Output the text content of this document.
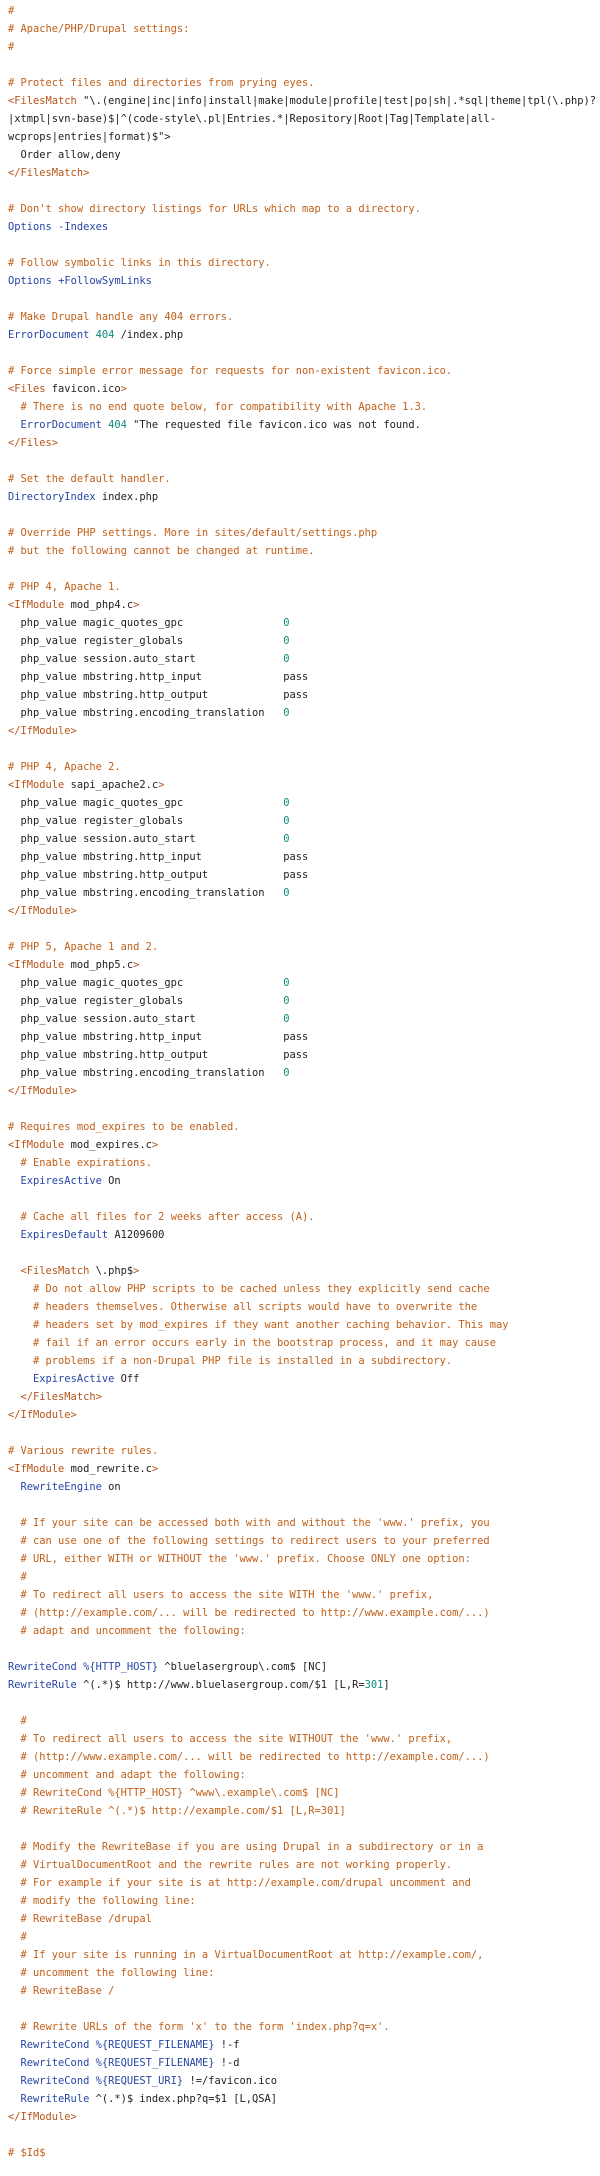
#
# Apache/PHP/Drupal settings:
#

# Protect files and directories from prying eyes.
<FilesMatch "\.(engine|inc|info|install|make|module|profile|test|po|sh|.*sql|theme|tpl(\.php)?
|xtmpl|svn-base)$|^(code-style\.pl|Entries.*|Repository|Root|Tag|Template|all-
wcprops|entries|format)$">
Order allow,deny
</FilesMatch>

# Don't show directory listings for URLs which map to a directory.
Options -Indexes

# Follow symbolic links in this directory.
Options +FollowSymLinks

# Make Drupal handle any 404 errors.
ErrorDocument 404 /index.php

# Force simple error message for requests for non-existent favicon.ico.
<Files favicon.ico>
# There is no end quote below, for compatibility with Apache 1.3.
ErrorDocument 404 "The requested file favicon.ico was not found.
</Files>

# Set the default handler.
DirectoryIndex index.php

# Override PHP settings. More in sites/default/settings.php
# but the following cannot be changed at runtime.

# PHP 4, Apache 1.
<IfModule mod_php4.c>
php_value magic_quotes_gpc                0
php_value register_globals                0
php_value session.auto_start              0
php_value mbstring.http_input             pass
php_value mbstring.http_output            pass
php_value mbstring.encoding_translation   0
</IfModule>

# PHP 4, Apache 2.
<IfModule sapi_apache2.c>
php_value magic_quotes_gpc                0
php_value register_globals                0
php_value session.auto_start              0
php_value mbstring.http_input             pass
php_value mbstring.http_output            pass
php_value mbstring.encoding_translation   0
</IfModule>

# PHP 5, Apache 1 and 2.
<IfModule mod_php5.c>
php_value magic_quotes_gpc                0
php_value register_globals                0
php_value session.auto_start              0
php_value mbstring.http_input             pass
php_value mbstring.http_output            pass
php_value mbstring.encoding_translation   0
</IfModule>

# Requires mod_expires to be enabled.
<IfModule mod_expires.c>
# Enable expirations.
ExpiresActive On

# Cache all files for 2 weeks after access (A).
ExpiresDefault A1209600

<FilesMatch \.php$>
# Do not allow PHP scripts to be cached unless they explicitly send cache
# headers themselves. Otherwise all scripts would have to overwrite the
# headers set by mod_expires if they want another caching behavior. This may
# fail if an error occurs early in the bootstrap process, and it may cause
# problems if a non-Drupal PHP file is installed in a subdirectory.
ExpiresActive Off
</FilesMatch>
</IfModule>

# Various rewrite rules.
<IfModule mod_rewrite.c>
RewriteEngine on

# If your site can be accessed both with and without the 'www.' prefix, you
# can use one of the following settings to redirect users to your preferred
# URL, either WITH or WITHOUT the 'www.' prefix. Choose ONLY one option:
#
# To redirect all users to access the site WITH the 'www.' prefix,
# (http://example.com/... will be redirected to http://www.example.com/...)
# adapt and uncomment the following:

RewriteCond %{HTTP_HOST} ^bluelasergroup\.com$ [NC]
RewriteRule ^(.*)$ http://www.bluelasergroup.com/$1 [L,R=301]

#
# To redirect all users to access the site WITHOUT the 'www.' prefix,
# (http://www.example.com/... will be redirected to http://example.com/...)
# uncomment and adapt the following:
# RewriteCond %{HTTP_HOST} ^www\.example\.com$ [NC]
# RewriteRule ^(.*)$ http://example.com/$1 [L,R=301]

# Modify the RewriteBase if you are using Drupal in a subdirectory or in a
# VirtualDocumentRoot and the rewrite rules are not working properly.
# For example if your site is at http://example.com/drupal uncomment and
# modify the following line:
# RewriteBase /drupal
#
# If your site is running in a VirtualDocumentRoot at http://example.com/,
# uncomment the following line:
# RewriteBase /

# Rewrite URLs of the form 'x' to the form 'index.php?q=x'.
RewriteCond %{REQUEST_FILENAME} !-f
RewriteCond %{REQUEST_FILENAME} !-d
RewriteCond %{REQUEST_URI} !=/favicon.ico
RewriteRule ^(.*)$ index.php?q=$1 [L,QSA]
</IfModule>

# $Id$
